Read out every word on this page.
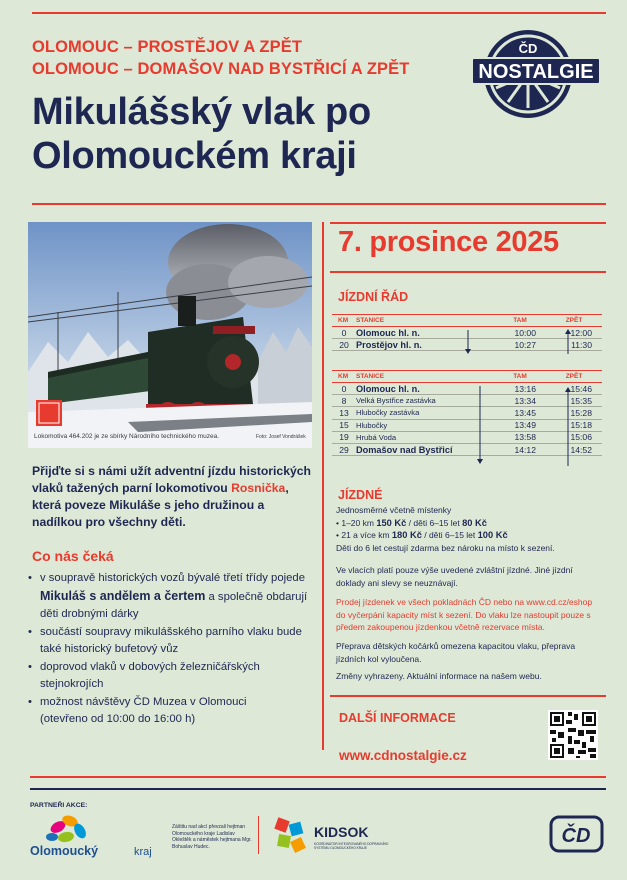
OLOMOUC – PROSTĚJOV A ZPĚT
OLOMOUC – DOMAŠOV NAD BYSTŘICÍ A ZPĚT
Mikulášský vlak po
Olomouckém kraji
NOSTALGIE
ČD
Lokomotiva 464.202 je ze sbírky Národního technického muzea.	Foto: Josef Vondrášek
Přijďte si s námi užít adventní jízdu historických vlaků tažených parní lokomotivou Rosnička, která poveze Mikuláše s jeho družinou a nadílkou pro všechny děti.
Co nás čeká
• v soupravě historických vozů bývalé třetí třídy pojede Mikuláš s andělem a čertem a společně obdarují děti drobnými dárky
• součástí soupravy mikulášského parního vlaku bude také historický bufetový vůz
• doprovod vlaků v dobových železničářských stejnokrojích
• možnost návštěvy ČD Muzea v Olomouci
(otevřeno od 10:00 do 16:00 h)
7. prosince 2025
JÍZDNÍ ŘÁD
KM	STANICE	TAM	ZPĚT
0	Olomouc hl. n.	10:00	12:00
20	Prostějov hl. n.	10:27	11:30
KM	STANICE	TAM	ZPĚT
0	Olomouc hl. n.	13:16	15:46
8	Velká Bystřice zastávka	13:34	15:35
13	Hlubočky zastávka	13:45	15:28
15	Hlubočky	13:49	15:18
19	Hrubá Voda	13:58	15:06
29	Domašov nad Bystřicí	14:12	14:52
JÍZDNÉ
Jednosměrné včetně místenky
• 1–20 km 150 Kč / děti 6–15 let 80 Kč
• 21 a více km 180 Kč / děti 6–15 let 100 Kč
Děti do 6 let cestují zdarma bez nároku na místo k sezení.
Ve vlacích platí pouze výše uvedené zvláštní jízdné. Jiné jízdní doklady ani slevy se neuznávají.
Prodej jízdenek ve všech pokladnách ČD nebo na www.cd.cz/eshop do vyčerpání kapacity míst k sezení. Do vlaku lze nastoupit pouze s předem zakoupenou jízdenkou včetně rezervace místa.
Přeprava dětských kočárků omezena kapacitou vlaku, přeprava jízdních kol vyloučena.
Změny vyhrazeny. Aktuální informace na našem webu.
DALŠÍ INFORMACE
www.cdnostalgie.cz
PARTNEŘI AKCE:
Olomoucký	kraj
Záštitu nad akcí převzali hejtman Olomouckého kraje Ladislav Okleštěk a náměstek hejtmana Mgr. Bohuslav Hudec.
KIDSOK
KOORDINÁTOR INTEGROVANÉHO DOPRAVNÍHO SYSTÉMU OLOMOUCKÉHO KRAJE
ČD
